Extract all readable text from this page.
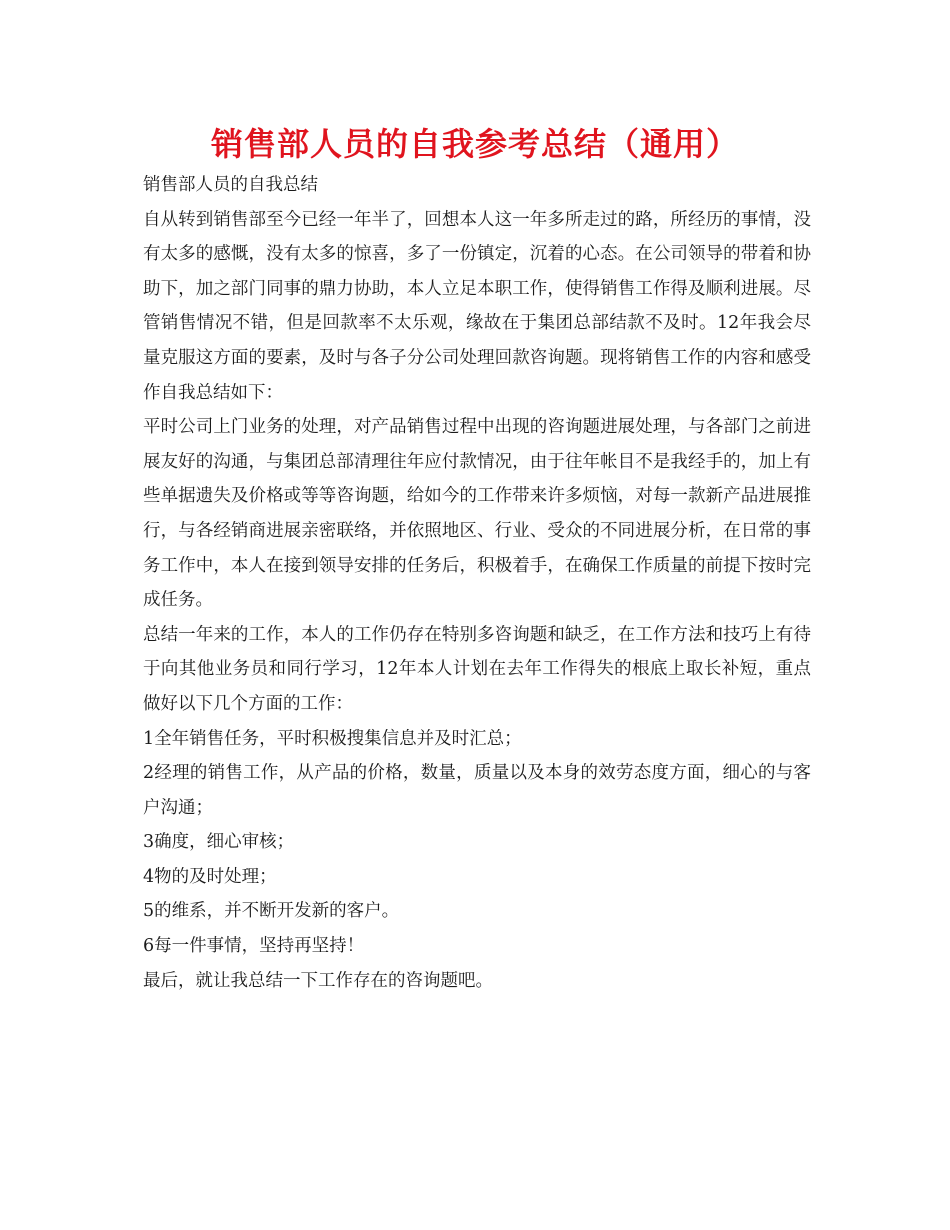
销售部人员的自我参考总结（通用）

销售部人员的自我总结

自从转到销售部至今已经一年半了，回想本人这一年多所走过的路，所经历的事情，没有太多的感慨，没有太多的惊喜，多了一份镇定，沉着的心态。在公司领导的带着和协助下，加之部门同事的鼎力协助，本人立足本职工作，使得销售工作得及顺利进展。尽管销售情况不错，但是回款率不太乐观，缘故在于集团总部结款不及时。12年我会尽量克服这方面的要素，及时与各子分公司处理回款咨询题。现将销售工作的内容和感受作自我总结如下：

平时公司上门业务的处理，对产品销售过程中出现的咨询题进展处理，与各部门之前进展友好的沟通，与集团总部清理往年应付款情况，由于往年帐目不是我经手的，加上有些单据遗失及价格或等等咨询题，给如今的工作带来许多烦恼，对每一款新产品进展推行，与各经销商进展亲密联络，并依照地区、行业、受众的不同进展分析，在日常的事务工作中，本人在接到领导安排的任务后，积极着手，在确保工作质量的前提下按时完成任务。

总结一年来的工作，本人的工作仍存在特别多咨询题和缺乏，在工作方法和技巧上有待于向其他业务员和同行学习，12年本人计划在去年工作得失的根底上取长补短，重点做好以下几个方面的工作：

1全年销售任务，平时积极搜集信息并及时汇总；

2经理的销售工作，从产品的价格，数量，质量以及本身的效劳态度方面，细心的与客户沟通；

3确度，细心审核；

4物的及时处理；

5的维系，并不断开发新的客户。

6每一件事情，坚持再坚持！

最后，就让我总结一下工作存在的咨询题吧。
